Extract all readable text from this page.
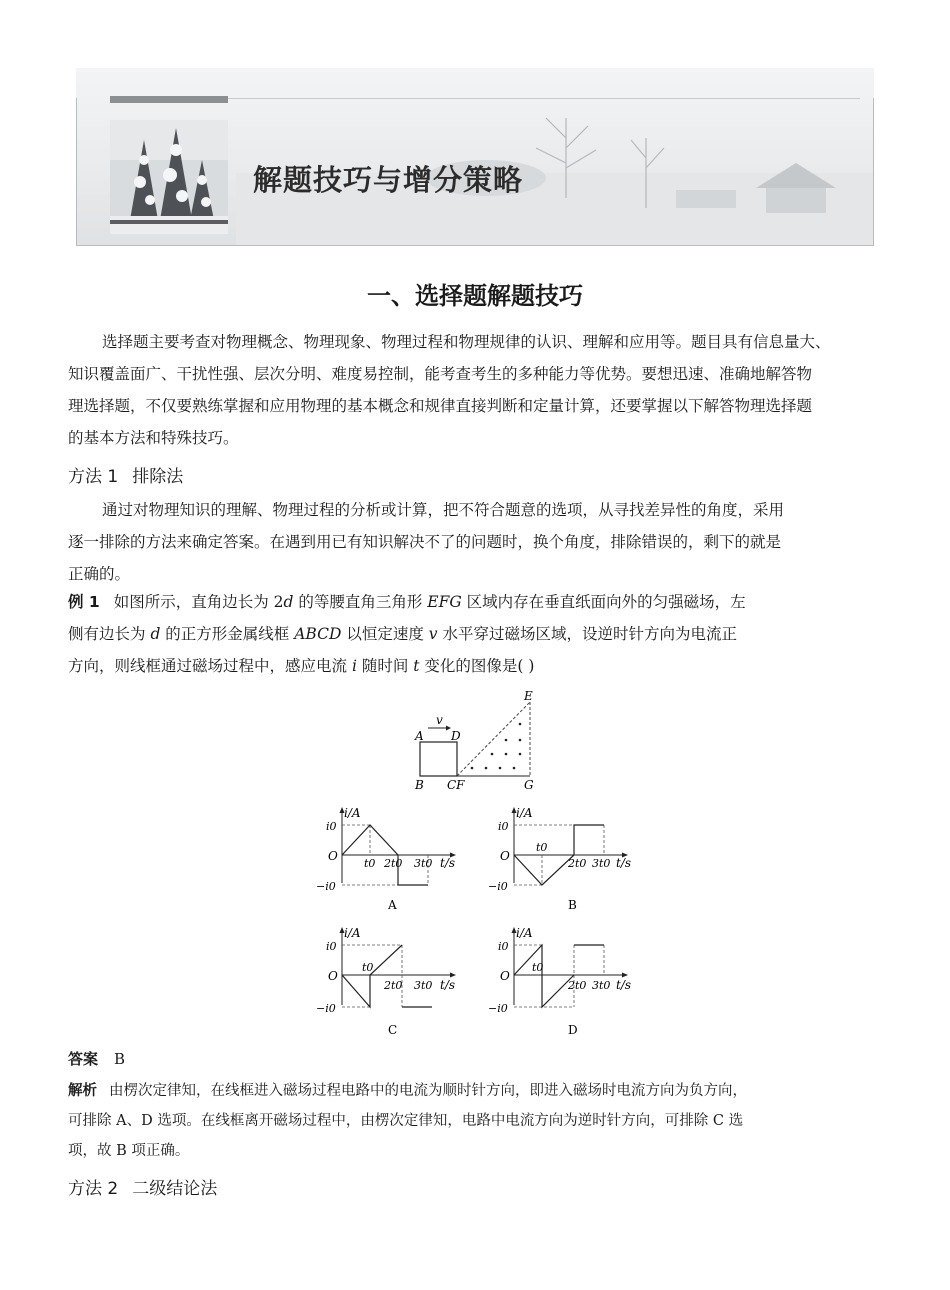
解题技巧与增分策略
一、选择题解题技巧
选择题主要考查对物理概念、物理现象、物理过程和物理规律的认识、理解和应用等。题目具有信息量大、
知识覆盖面广、干扰性强、层次分明、难度易控制，能考查考生的多种能力等优势。要想迅速、准确地解答物
理选择题，不仅要熟练掌握和应用物理的基本概念和规律直接判断和定量计算，还要掌握以下解答物理选择题
的基本方法和特殊技巧。
方法 1 排除法
通过对物理知识的理解、物理过程的分析或计算，把不符合题意的选项，从寻找差异性的角度，采用
逐一排除的方法来确定答案。在遇到用已有知识解决不了的问题时，换个角度，排除错误的，剩下的就是
正确的。
例 1 如图所示，直角边长为 2d 的等腰直角三角形 EFG 区域内存在垂直纸面向外的匀强磁场，左
侧有边长为 d 的正方形金属线框 ABCD 以恒定速度 v 水平穿过磁场区域，设逆时针方向为电流正
方向，则线框通过磁场过程中，感应电流 i 随时间 t 变化的图像是( )
v
A D
B CF
E
G
i/A
i0
O
−i0
t0 2t0 3t0 t/s
A
i/A
i0
O
−i0
t0
2t0 3t0 t/s
B
i/A
i0
O
−i0
t0
2t0 3t0 t/s
C
i/A
i0
O
−i0
t0
2t0 3t0 t/s
D
答案 B
解析 由楞次定律知，在线框进入磁场过程电路中的电流为顺时针方向，即进入磁场时电流方向为负方向，
可排除 A、D 选项。在线框离开磁场过程中，由楞次定律知，电路中电流方向为逆时针方向，可排除 C 选
项，故 B 项正确。
方法 2 二级结论法
